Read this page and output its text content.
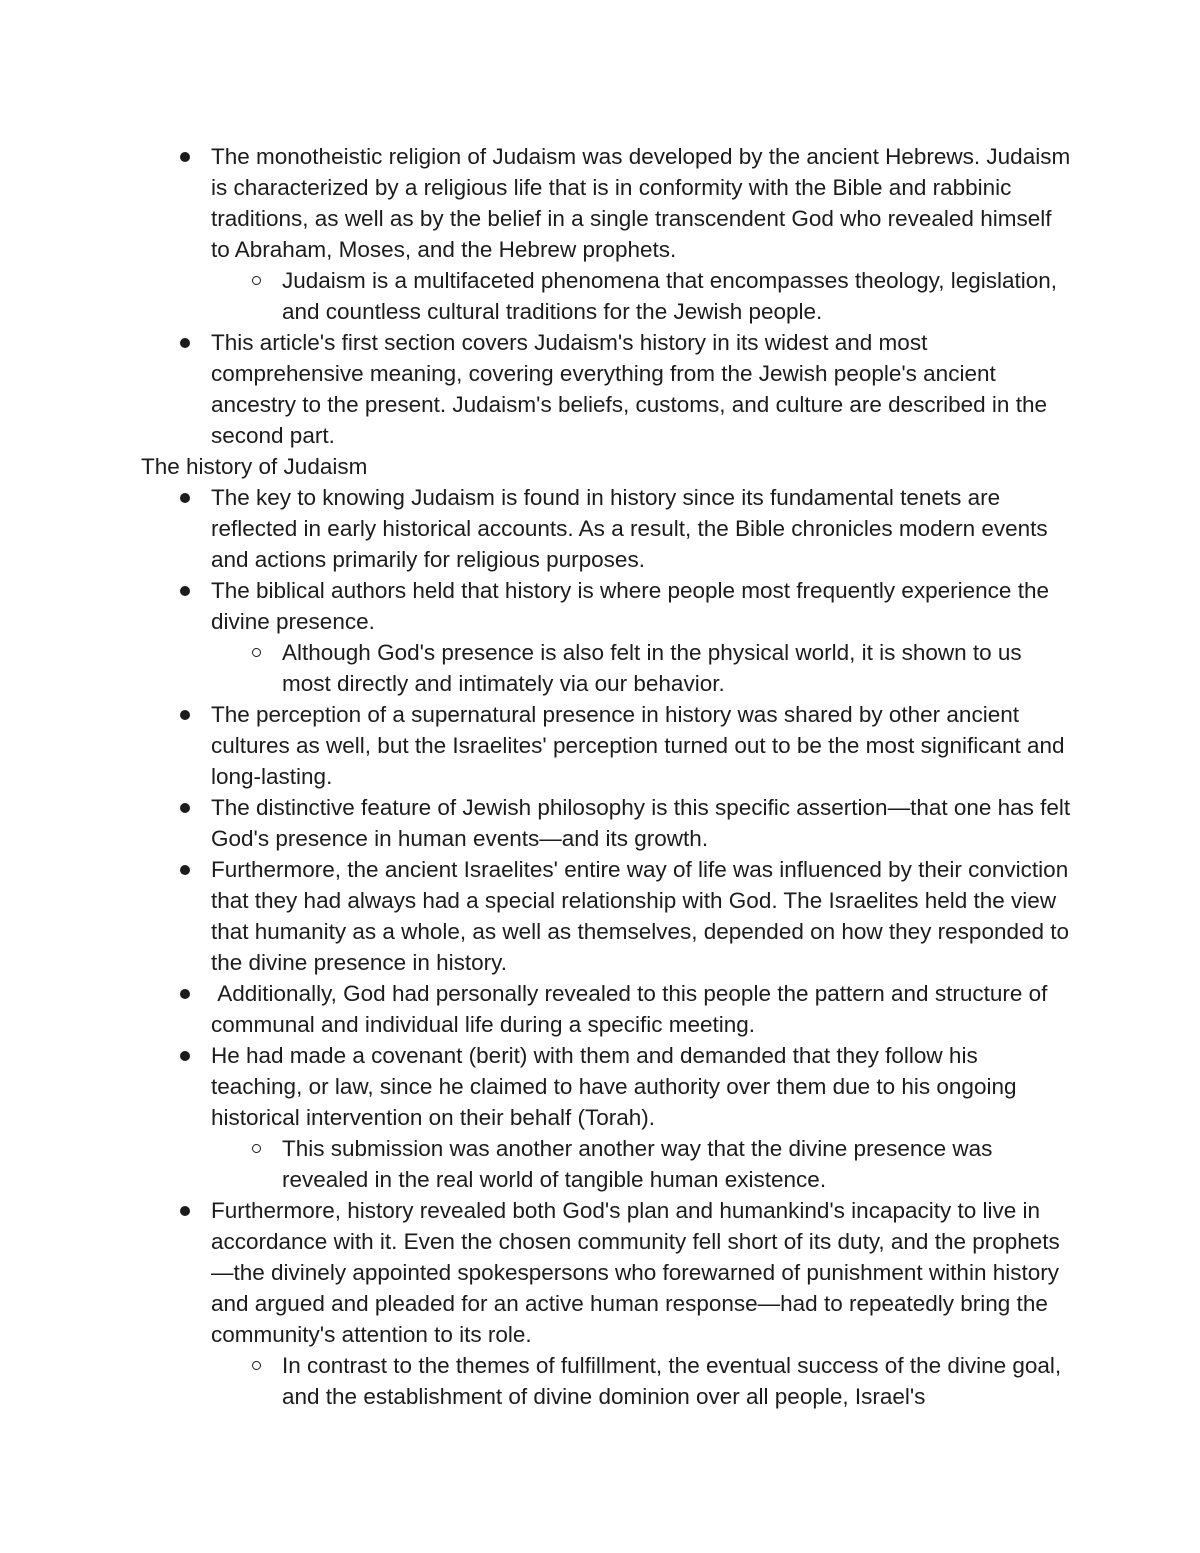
The monotheistic religion of Judaism was developed by the ancient Hebrews. Judaism is characterized by a religious life that is in conformity with the Bible and rabbinic traditions, as well as by the belief in a single transcendent God who revealed himself to Abraham, Moses, and the Hebrew prophets.
Judaism is a multifaceted phenomena that encompasses theology, legislation, and countless cultural traditions for the Jewish people.
This article's first section covers Judaism's history in its widest and most comprehensive meaning, covering everything from the Jewish people's ancient ancestry to the present. Judaism's beliefs, customs, and culture are described in the second part.
The history of Judaism
The key to knowing Judaism is found in history since its fundamental tenets are reflected in early historical accounts. As a result, the Bible chronicles modern events and actions primarily for religious purposes.
The biblical authors held that history is where people most frequently experience the divine presence.
Although God's presence is also felt in the physical world, it is shown to us most directly and intimately via our behavior.
The perception of a supernatural presence in history was shared by other ancient cultures as well, but the Israelites' perception turned out to be the most significant and long-lasting.
The distinctive feature of Jewish philosophy is this specific assertion—that one has felt God's presence in human events—and its growth.
Furthermore, the ancient Israelites' entire way of life was influenced by their conviction that they had always had a special relationship with God. The Israelites held the view that humanity as a whole, as well as themselves, depended on how they responded to the divine presence in history.
Additionally, God had personally revealed to this people the pattern and structure of communal and individual life during a specific meeting.
He had made a covenant (berit) with them and demanded that they follow his teaching, or law, since he claimed to have authority over them due to his ongoing historical intervention on their behalf (Torah).
This submission was another another way that the divine presence was revealed in the real world of tangible human existence.
Furthermore, history revealed both God's plan and humankind's incapacity to live in accordance with it. Even the chosen community fell short of its duty, and the prophets—the divinely appointed spokespersons who forewarned of punishment within history and argued and pleaded for an active human response—had to repeatedly bring the community's attention to its role.
In contrast to the themes of fulfillment, the eventual success of the divine goal, and the establishment of divine dominion over all people, Israel's
